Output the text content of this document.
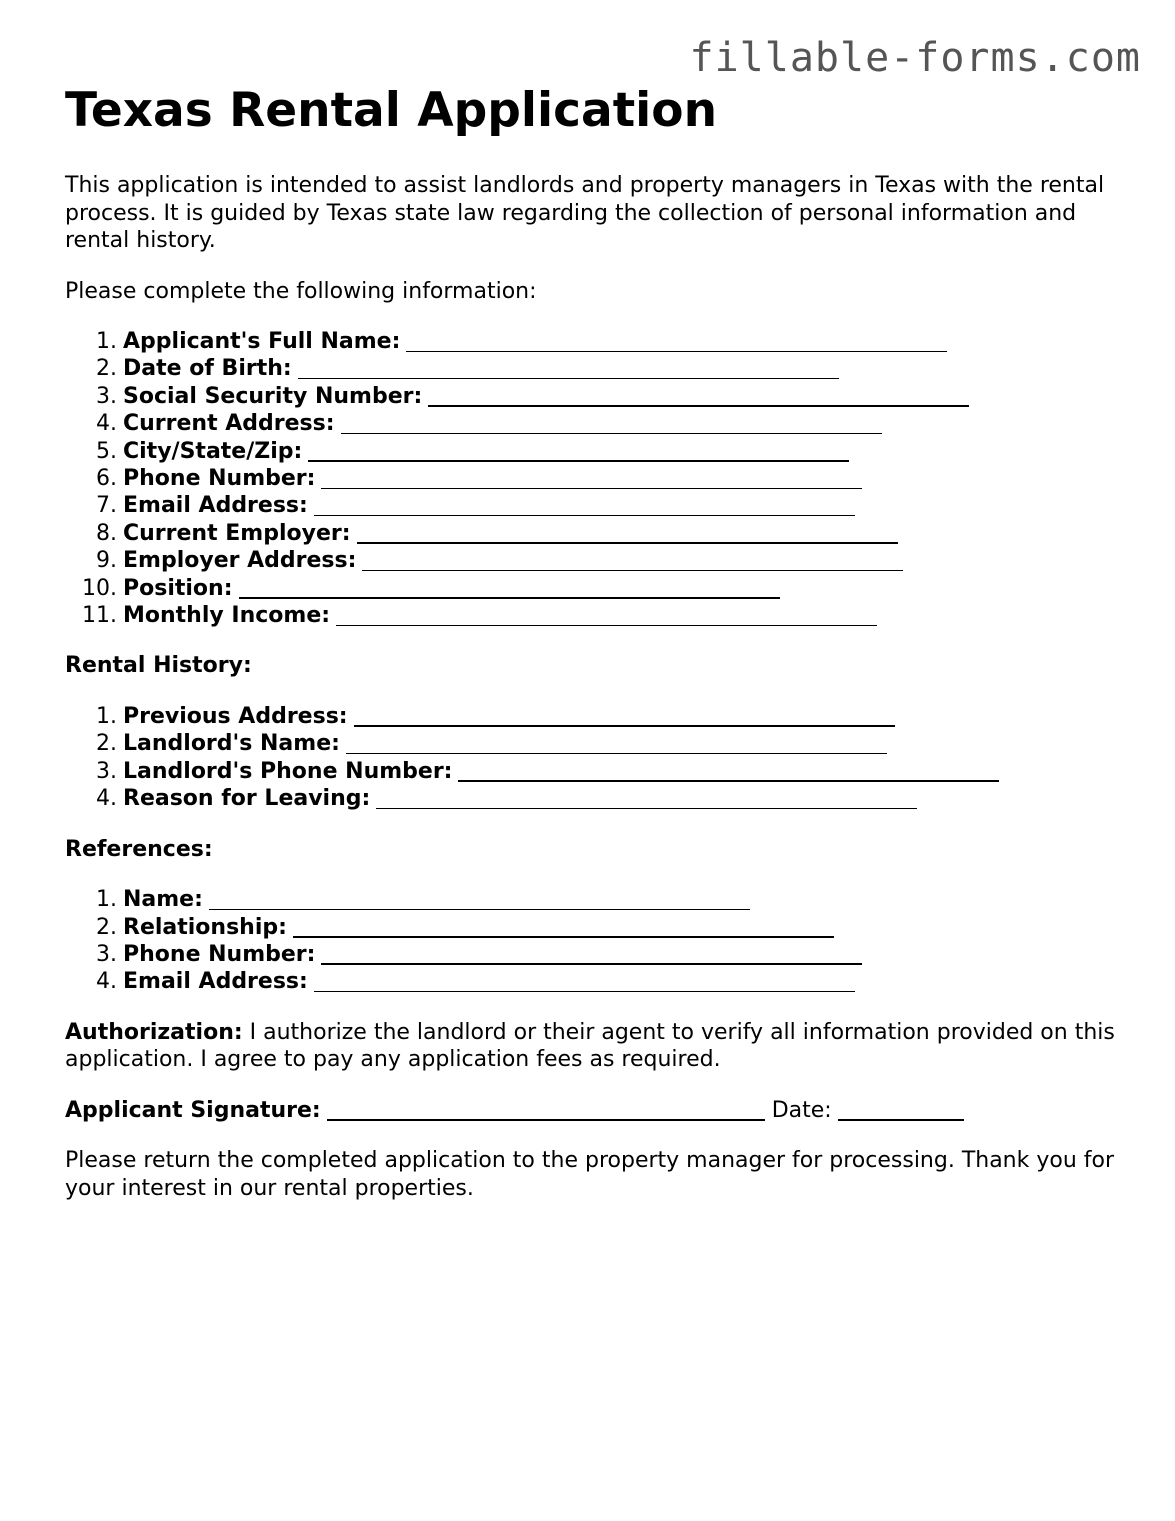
fillable-forms.com
Texas Rental Application

This application is intended to assist landlords and property managers in Texas with the rental process. It is guided by Texas state law regarding the collection of personal information and rental history.

Please complete the following information:

1. Applicant's Full Name:
2. Date of Birth:
3. Social Security Number:
4. Current Address:
5. City/State/Zip:
6. Phone Number:
7. Email Address:
8. Current Employer:
9. Employer Address:
10. Position:
11. Monthly Income:
Rental History:
1. Previous Address:
2. Landlord's Name:
3. Landlord's Phone Number:
4. Reason for Leaving:
References:
1. Name:
2. Relationship:
3. Phone Number:
4. Email Address:

Authorization: I authorize the landlord or their agent to verify all information provided on this application. I agree to pay any application fees as required.

Applicant Signature:	Date:

Please return the completed application to the property manager for processing. Thank you for your interest in our rental properties.
